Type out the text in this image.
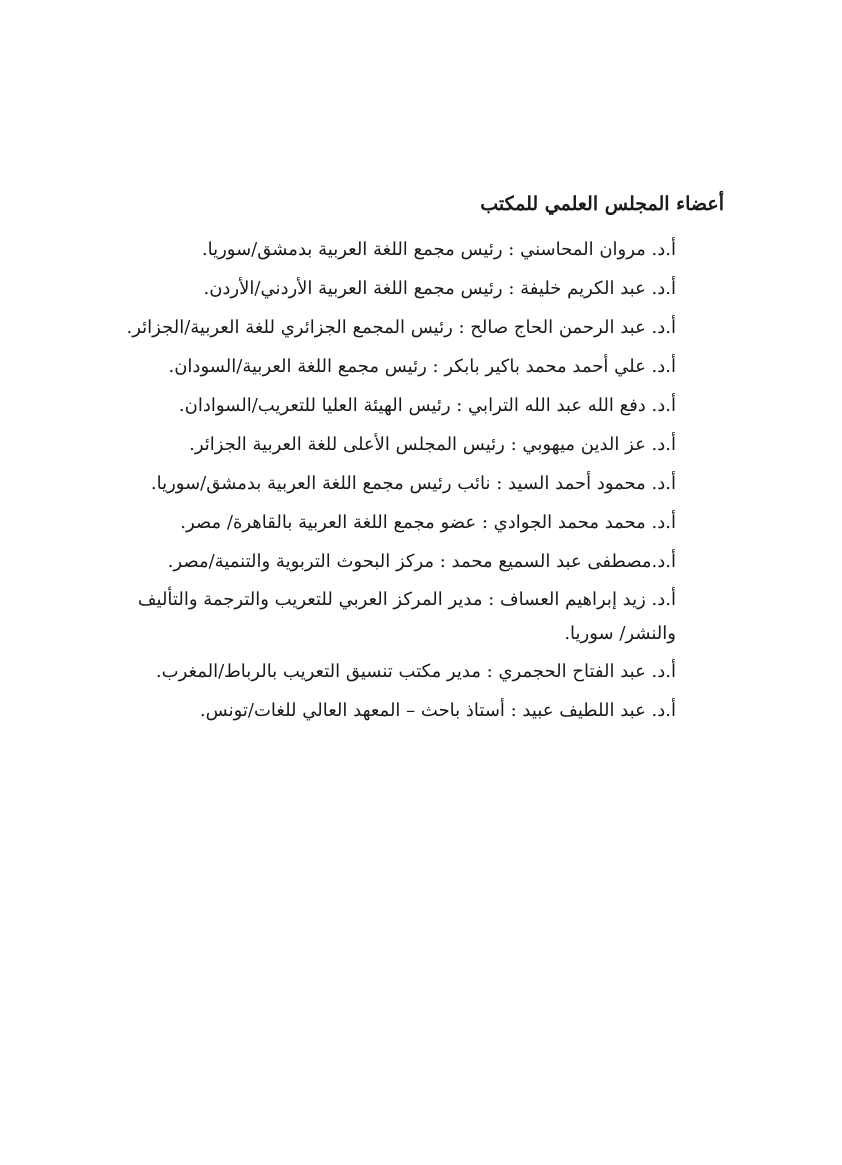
أعضاء المجلس العلمي للمكتب
أ.د. مروان المحاسني : رئيس مجمع اللغة العربية بدمشق/سوريا.
أ.د. عبد الكريم خليفة : رئيس مجمع اللغة العربية الأردني/الأردن.
أ.د. عبد الرحمن الحاج صالح : رئيس المجمع الجزائري للغة العربية/الجزائر.
أ.د. علي أحمد محمد باكير بابكر : رئيس مجمع اللغة العربية/السودان.
أ.د. دفع الله عبد الله الترابي : رئيس الهيئة العليا للتعريب/السوادان.
أ.د. عز الدين ميهوبي : رئيس المجلس الأعلى للغة العربية الجزائر.
أ.د. محمود أحمد السيد : نائب رئيس مجمع اللغة العربية بدمشق/سوريا.
أ.د. محمد محمد الجوادي : عضو مجمع اللغة العربية بالقاهرة/ مصر.
أ.د.مصطفى عبد السميع محمد : مركز البحوث التربوية والتنمية/مصر.
أ.د. زيد إبراهيم العساف : مدير المركز العربي للتعريب والترجمة والتأليف والنشر/ سوريا.
أ.د. عبد الفتاح الحجمري : مدير مكتب تنسيق التعريب بالرباط/المغرب.
أ.د. عبد اللطيف عبيد : أستاذ باحث – المعهد العالي للغات/تونس.
